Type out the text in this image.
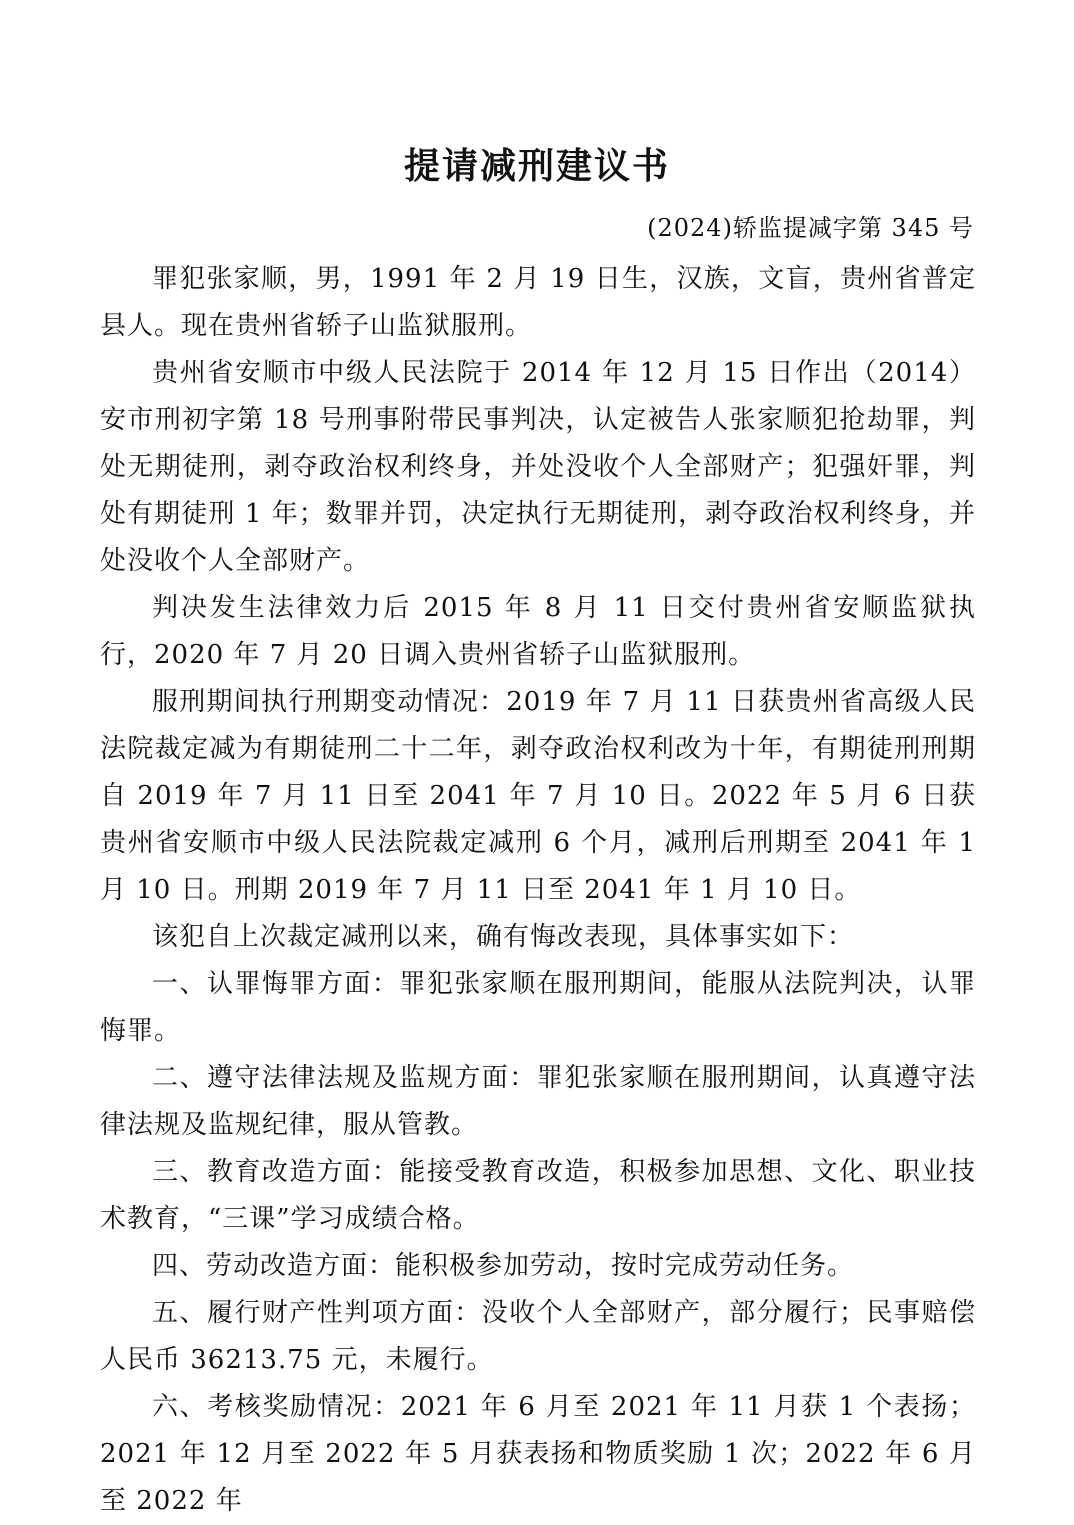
提请减刑建议书
(2024)轿监提减字第 345 号

罪犯张家顺，男，1991 年 2 月 19 日生，汉族，文盲，贵州省普定县人。现在贵州省轿子山监狱服刑。

贵州省安顺市中级人民法院于 2014 年 12 月 15 日作出（2014）安市刑初字第 18 号刑事附带民事判决，认定被告人张家顺犯抢劫罪，判处无期徒刑，剥夺政治权利终身，并处没收个人全部财产；犯强奸罪，判处有期徒刑 1 年；数罪并罚，决定执行无期徒刑，剥夺政治权利终身，并处没收个人全部财产。

判决发生法律效力后 2015 年 8 月 11 日交付贵州省安顺监狱执行，2020 年 7 月 20 日调入贵州省轿子山监狱服刑。

服刑期间执行刑期变动情况：2019 年 7 月 11 日获贵州省高级人民法院裁定减为有期徒刑二十二年，剥夺政治权利改为十年，有期徒刑刑期自 2019 年 7 月 11 日至 2041 年 7 月 10 日。2022 年 5 月 6 日获贵州省安顺市中级人民法院裁定减刑 6 个月，减刑后刑期至 2041 年 1 月 10 日。刑期 2019 年 7 月 11 日至 2041 年 1 月 10 日。

该犯自上次裁定减刑以来，确有悔改表现，具体事实如下：

一、认罪悔罪方面：罪犯张家顺在服刑期间，能服从法院判决，认罪悔罪。

二、遵守法律法规及监规方面：罪犯张家顺在服刑期间，认真遵守法律法规及监规纪律，服从管教。

三、教育改造方面：能接受教育改造，积极参加思想、文化、职业技术教育，“三课”学习成绩合格。

四、劳动改造方面：能积极参加劳动，按时完成劳动任务。

五、履行财产性判项方面：没收个人全部财产，部分履行；民事赔偿人民币 36213.75 元，未履行。

六、考核奖励情况：2021 年 6 月至 2021 年 11 月获 1 个表扬；2021 年 12 月至 2022 年 5 月获表扬和物质奖励 1 次；2022 年 6 月至 2022 年
